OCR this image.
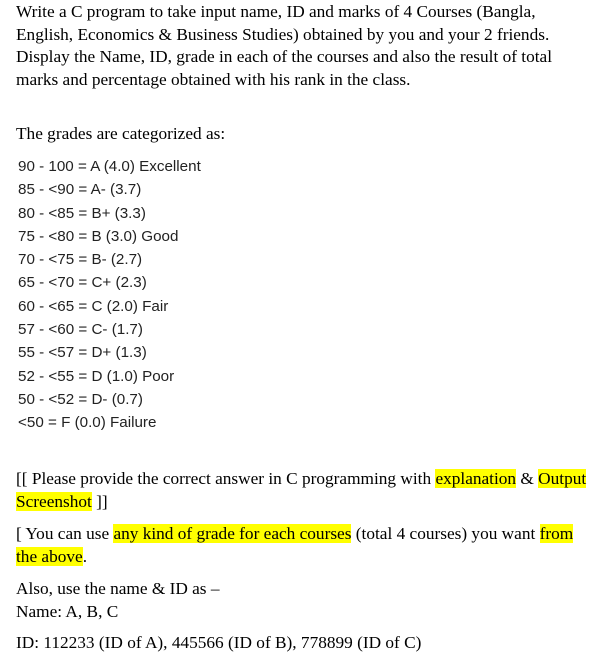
Write a C program to take input name, ID and marks of 4 Courses (Bangla, English, Economics & Business Studies) obtained by you and your 2 friends. Display the Name, ID, grade in each of the courses and also the result of total marks and percentage obtained with his rank in the class.

The grades are categorized as:

90 - 100 = A (4.0) Excellent
85 - <90 = A- (3.7)
80 - <85 = B+ (3.3)
75 - <80 = B (3.0) Good
70 - <75 = B- (2.7)
65 - <70 = C+ (2.3)
60 - <65 = C (2.0) Fair
57 - <60 = C- (1.7)
55 - <57 = D+ (1.3)
52 - <55 = D (1.0) Poor
50 - <52 = D- (0.7)
<50 = F (0.0) Failure

[[ Please provide the correct answer in C programming with explanation & Output Screenshot ]]

[ You can use any kind of grade for each courses (total 4 courses) you want from the above.

Also, use the name & ID as –
Name: A, B, C

ID: 112233 (ID of A), 445566 (ID of B), 778899 (ID of C)
